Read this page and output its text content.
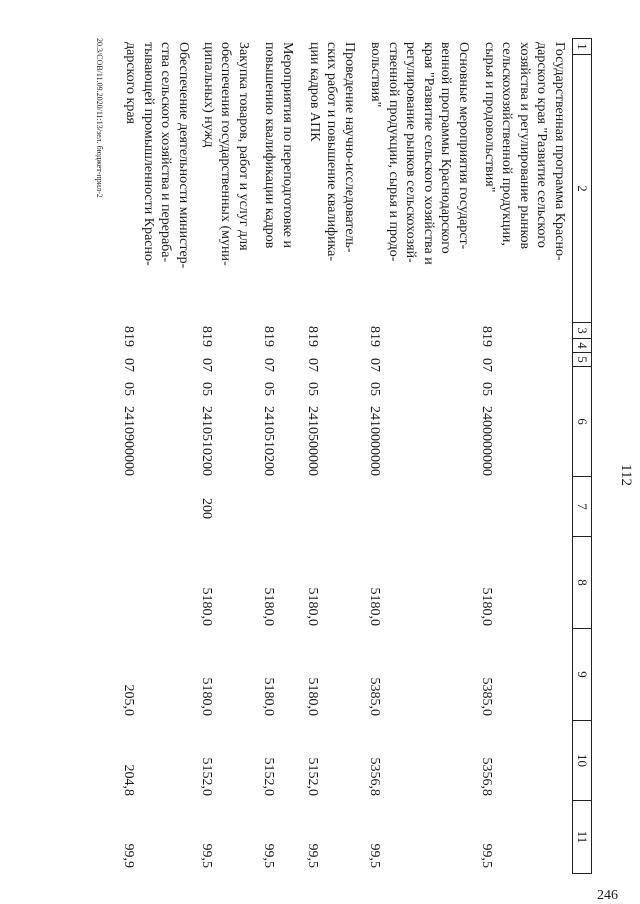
112
1
2
3
4
5
6
7
8
9
10
11
Государственная программа Красно-
дарского края "Развитие сельского
хозяйства и регулирование рынков
сельскохозяйственной продукции,
сырья и продовольствия"
819
07
05
2400000000
5180,0
5385,0
5356,8
99,5
Основные мероприятия государст-
венной программы Краснодарского
края "Развитие сельского хозяйства и
регулирование рынков сельскохозяй-
ственной продукции, сырья и продо-
вольствия"
819
07
05
2410000000
5180,0
5385,0
5356,8
99,5
Проведение научно-исследователь-
ских работ и повышение квалифика-
ции кадров АПК
819
07
05
2410500000
5180,0
5180,0
5152,0
99,5
Мероприятия по переподготовке и
повышению квалификации кадров
819
07
05
2410510200
5180,0
5180,0
5152,0
99,5
Закупка товаров, работ и услуг для
обеспечения государственных (муни-
ципальных) нужд
819
07
05
2410510200
200
5180,0
5180,0
5152,0
99,5
Обеспечение деятельности министер-
ства сельского хозяйства и перераба-
тывающей промышленности Красно-
дарского края
819
07
05
2410900000
205,0
204,8
99,9
20.3/СОВ/11.09.2020/11:13/зел. бюджет-прил-2
246
